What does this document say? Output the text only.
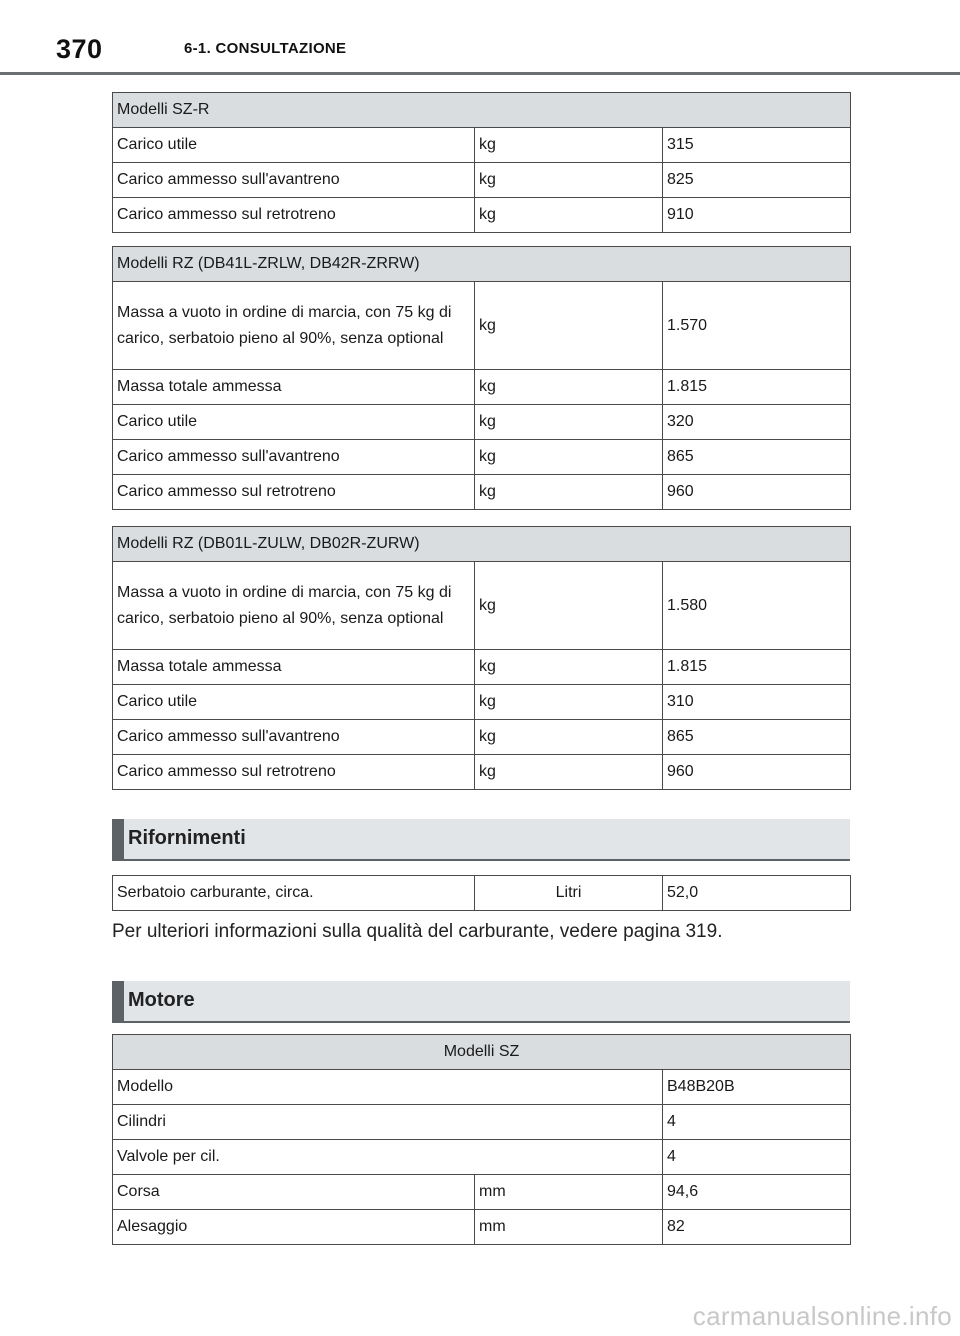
370	6-1. CONSULTAZIONE
Modelli SZ-R		
Carico utile	kg	315
Carico ammesso sull'avantreno	kg	825
Carico ammesso sul retrotreno	kg	910
Modelli RZ (DB41L-ZRLW, DB42R-ZRRW)		
Massa a vuoto in ordine di marcia, con 75 kg di carico, serbatoio pieno al 90%, senza optional	kg	1.570
Massa totale ammessa	kg	1.815
Carico utile	kg	320
Carico ammesso sull'avantreno	kg	865
Carico ammesso sul retrotreno	kg	960
Modelli RZ (DB01L-ZULW, DB02R-ZURW)		
Massa a vuoto in ordine di marcia, con 75 kg di carico, serbatoio pieno al 90%, senza optional	kg	1.580
Massa totale ammessa	kg	1.815
Carico utile	kg	310
Carico ammesso sull'avantreno	kg	865
Carico ammesso sul retrotreno	kg	960
Rifornimenti
Serbatoio carburante, circa.	Litri	52,0
Per ulteriori informazioni sulla qualità del carburante, vedere pagina 319.
Motore
Modelli SZ		
Modello		B48B20B
Cilindri		4
Valvole per cil.		4
Corsa	mm	94,6
Alesaggio	mm	82
carmanualsonline.info
